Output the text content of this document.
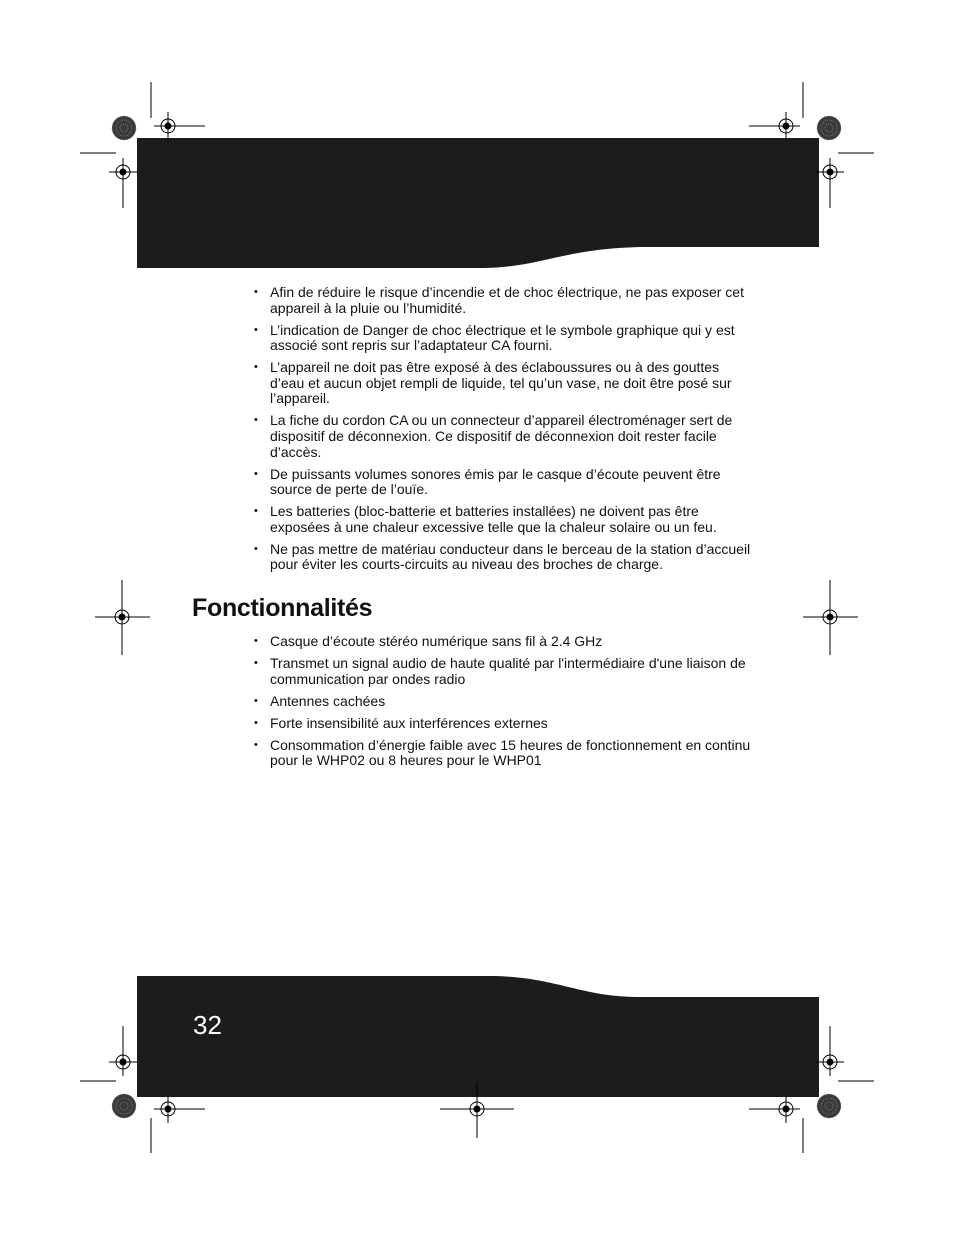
• Afin de réduire le risque d’incendie et de choc électrique, ne pas exposer cet appareil à la pluie ou l’humidité.
• L’indication de Danger de choc électrique et le symbole graphique qui y est associé sont repris sur l’adaptateur CA fourni.
• L’appareil ne doit pas être exposé à des éclaboussures ou à des gouttes d’eau et aucun objet rempli de liquide, tel qu’un vase, ne doit être posé sur l’appareil.
• La fiche du cordon CA ou un connecteur d’appareil électroménager sert de dispositif de déconnexion. Ce dispositif de déconnexion doit rester facile d’accès.
• De puissants volumes sonores émis par le casque d’écoute peuvent être source de perte de l’ouïe.
• Les batteries (bloc-batterie et batteries installées) ne doivent pas être exposées à une chaleur excessive telle que la chaleur solaire ou un feu.
• Ne pas mettre de matériau conducteur dans le berceau de la station d’accueil pour éviter les courts-circuits au niveau des broches de charge.
Fonctionnalités
• Casque d’écoute stéréo numérique sans fil à 2.4 GHz
• Transmet un signal audio de haute qualité par l'intermédiaire d'une liaison de communication par ondes radio
• Antennes cachées
• Forte insensibilité aux interférences externes
• Consommation d’énergie faible avec 15 heures de fonctionnement en continu pour le WHP02 ou 8 heures pour le WHP01
32
